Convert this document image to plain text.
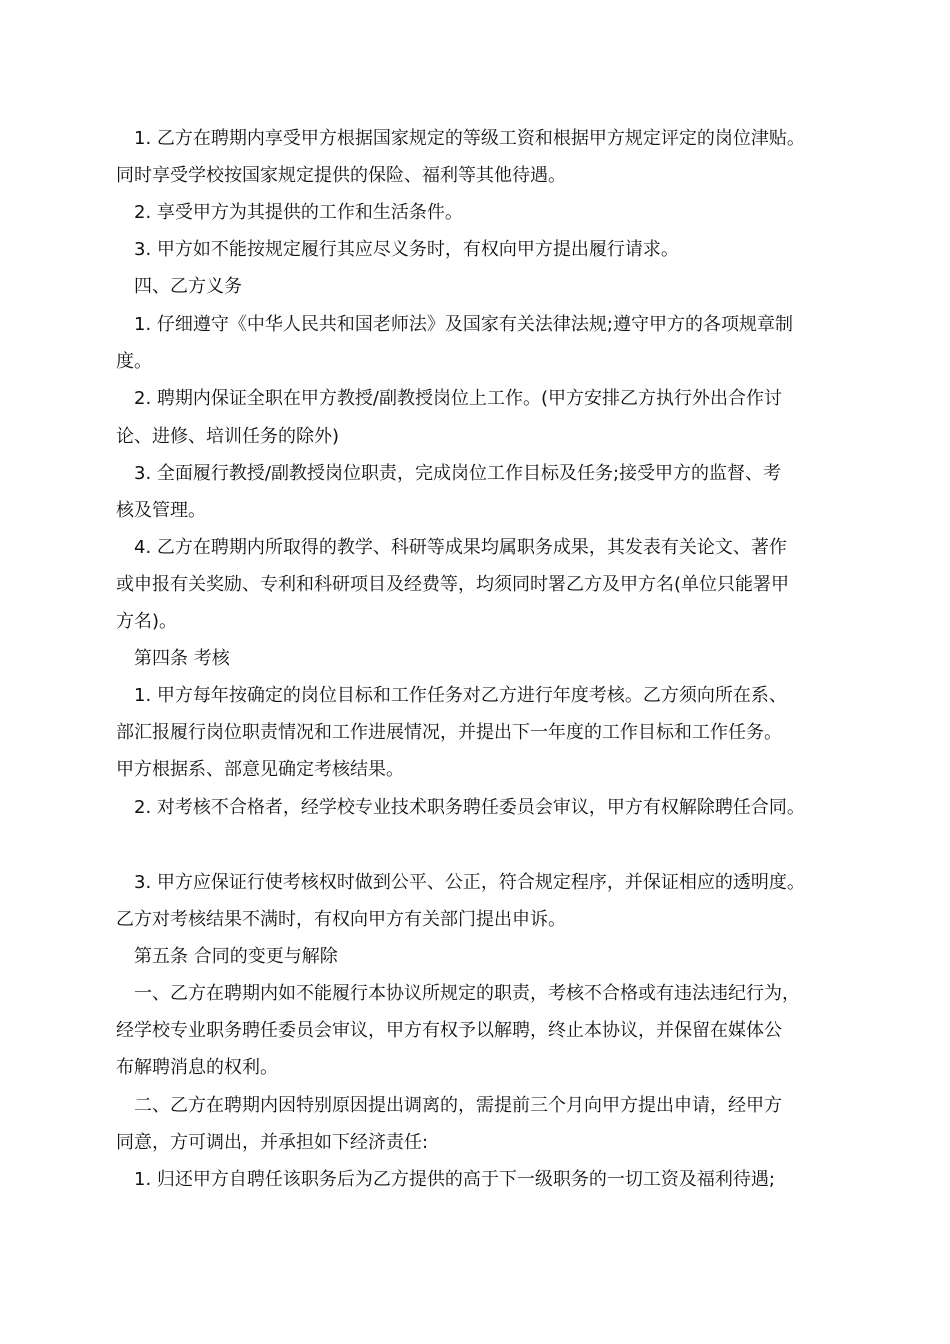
1. 乙方在聘期内享受甲方根据国家规定的等级工资和根据甲方规定评定的岗位津贴。

同时享受学校按国家规定提供的保险、福利等其他待遇。

2. 享受甲方为其提供的工作和生活条件。

3. 甲方如不能按规定履行其应尽义务时，有权向甲方提出履行请求。

四、乙方义务

1. 仔细遵守《中华人民共和国老师法》及国家有关法律法规;遵守甲方的各项规章制

度。

2. 聘期内保证全职在甲方教授/副教授岗位上工作。(甲方安排乙方执行外出合作讨

论、进修、培训任务的除外)

3. 全面履行教授/副教授岗位职责，完成岗位工作目标及任务;接受甲方的监督、考

核及管理。

4. 乙方在聘期内所取得的教学、科研等成果均属职务成果，其发表有关论文、著作

或申报有关奖励、专利和科研项目及经费等，均须同时署乙方及甲方名(单位只能署甲

方名)。

第四条 考核

1. 甲方每年按确定的岗位目标和工作任务对乙方进行年度考核。乙方须向所在系、

部汇报履行岗位职责情况和工作进展情况，并提出下一年度的工作目标和工作任务。

甲方根据系、部意见确定考核结果。

2. 对考核不合格者，经学校专业技术职务聘任委员会审议，甲方有权解除聘任合同。

3. 甲方应保证行使考核权时做到公平、公正，符合规定程序，并保证相应的透明度。

乙方对考核结果不满时，有权向甲方有关部门提出申诉。

第五条 合同的变更与解除

一、乙方在聘期内如不能履行本协议所规定的职责，考核不合格或有违法违纪行为，

经学校专业职务聘任委员会审议，甲方有权予以解聘，终止本协议，并保留在媒体公

布解聘消息的权利。

二、乙方在聘期内因特别原因提出调离的，需提前三个月向甲方提出申请，经甲方

同意，方可调出，并承担如下经济责任:

1. 归还甲方自聘任该职务后为乙方提供的高于下一级职务的一切工资及福利待遇;
